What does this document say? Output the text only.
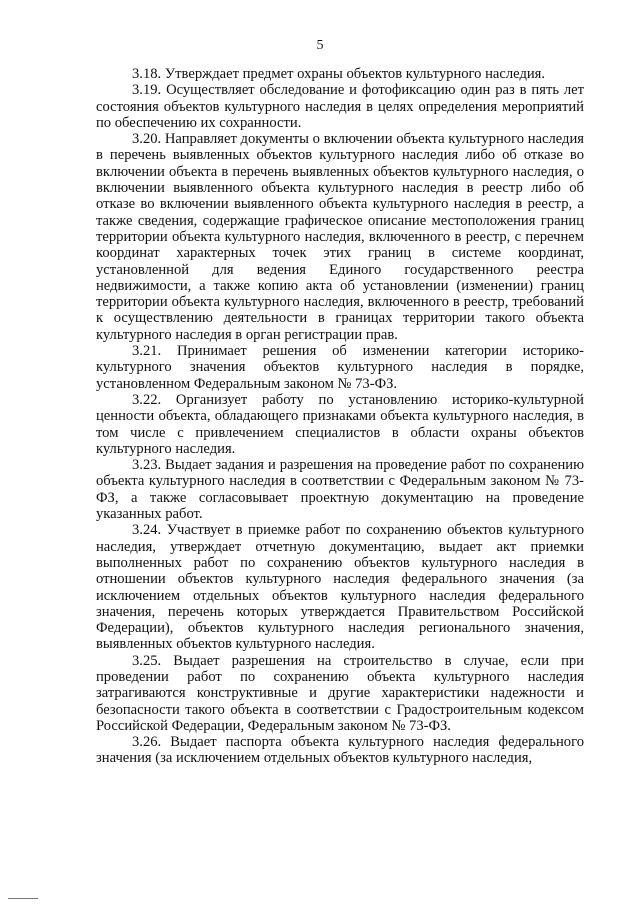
5

3.18. Утверждает предмет охраны объектов культурного наследия.

3.19. Осуществляет обследование и фотофиксацию один раз в пять лет состояния объектов культурного наследия в целях определения мероприятий по обеспечению их сохранности.

3.20. Направляет документы о включении объекта культурного наследия в перечень выявленных объектов культурного наследия либо об отказе во включении объекта в перечень выявленных объектов культурного наследия, о включении выявленного объекта культурного наследия в реестр либо об отказе во включении выявленного объекта культурного наследия в реестр, а также сведения, содержащие графическое описание местоположения границ территории объекта культурного наследия, включенного в реестр, с перечнем координат характерных точек этих границ в системе координат, установленной для ведения Единого государственного реестра недвижимости, а также копию акта об установлении (изменении) границ территории объекта культурного наследия, включенного в реестр, требований к осуществлению деятельности в границах территории такого объекта культурного наследия в орган регистрации прав.

3.21. Принимает решения об изменении категории историко-культурного значения объектов культурного наследия в порядке, установленном Федеральным законом № 73-ФЗ.

3.22. Организует работу по установлению историко-культурной ценности объекта, обладающего признаками объекта культурного наследия, в том числе с привлечением специалистов в области охраны объектов культурного наследия.

3.23. Выдает задания и разрешения на проведение работ по сохранению объекта культурного наследия в соответствии с Федеральным законом № 73-ФЗ, а также согласовывает проектную документацию на проведение указанных работ.

3.24. Участвует в приемке работ по сохранению объектов культурного наследия, утверждает отчетную документацию, выдает акт приемки выполненных работ по сохранению объектов культурного наследия в отношении объектов культурного наследия федерального значения (за исключением отдельных объектов культурного наследия федерального значения, перечень которых утверждается Правительством Российской Федерации), объектов культурного наследия регионального значения, выявленных объектов культурного наследия.

3.25. Выдает разрешения на строительство в случае, если при проведении работ по сохранению объекта культурного наследия затрагиваются конструктивные и другие характеристики надежности и безопасности такого объекта в соответствии с Градостроительным кодексом Российской Федерации, Федеральным законом № 73-ФЗ.

3.26. Выдает паспорта объекта культурного наследия федерального значения (за исключением отдельных объектов культурного наследия,
